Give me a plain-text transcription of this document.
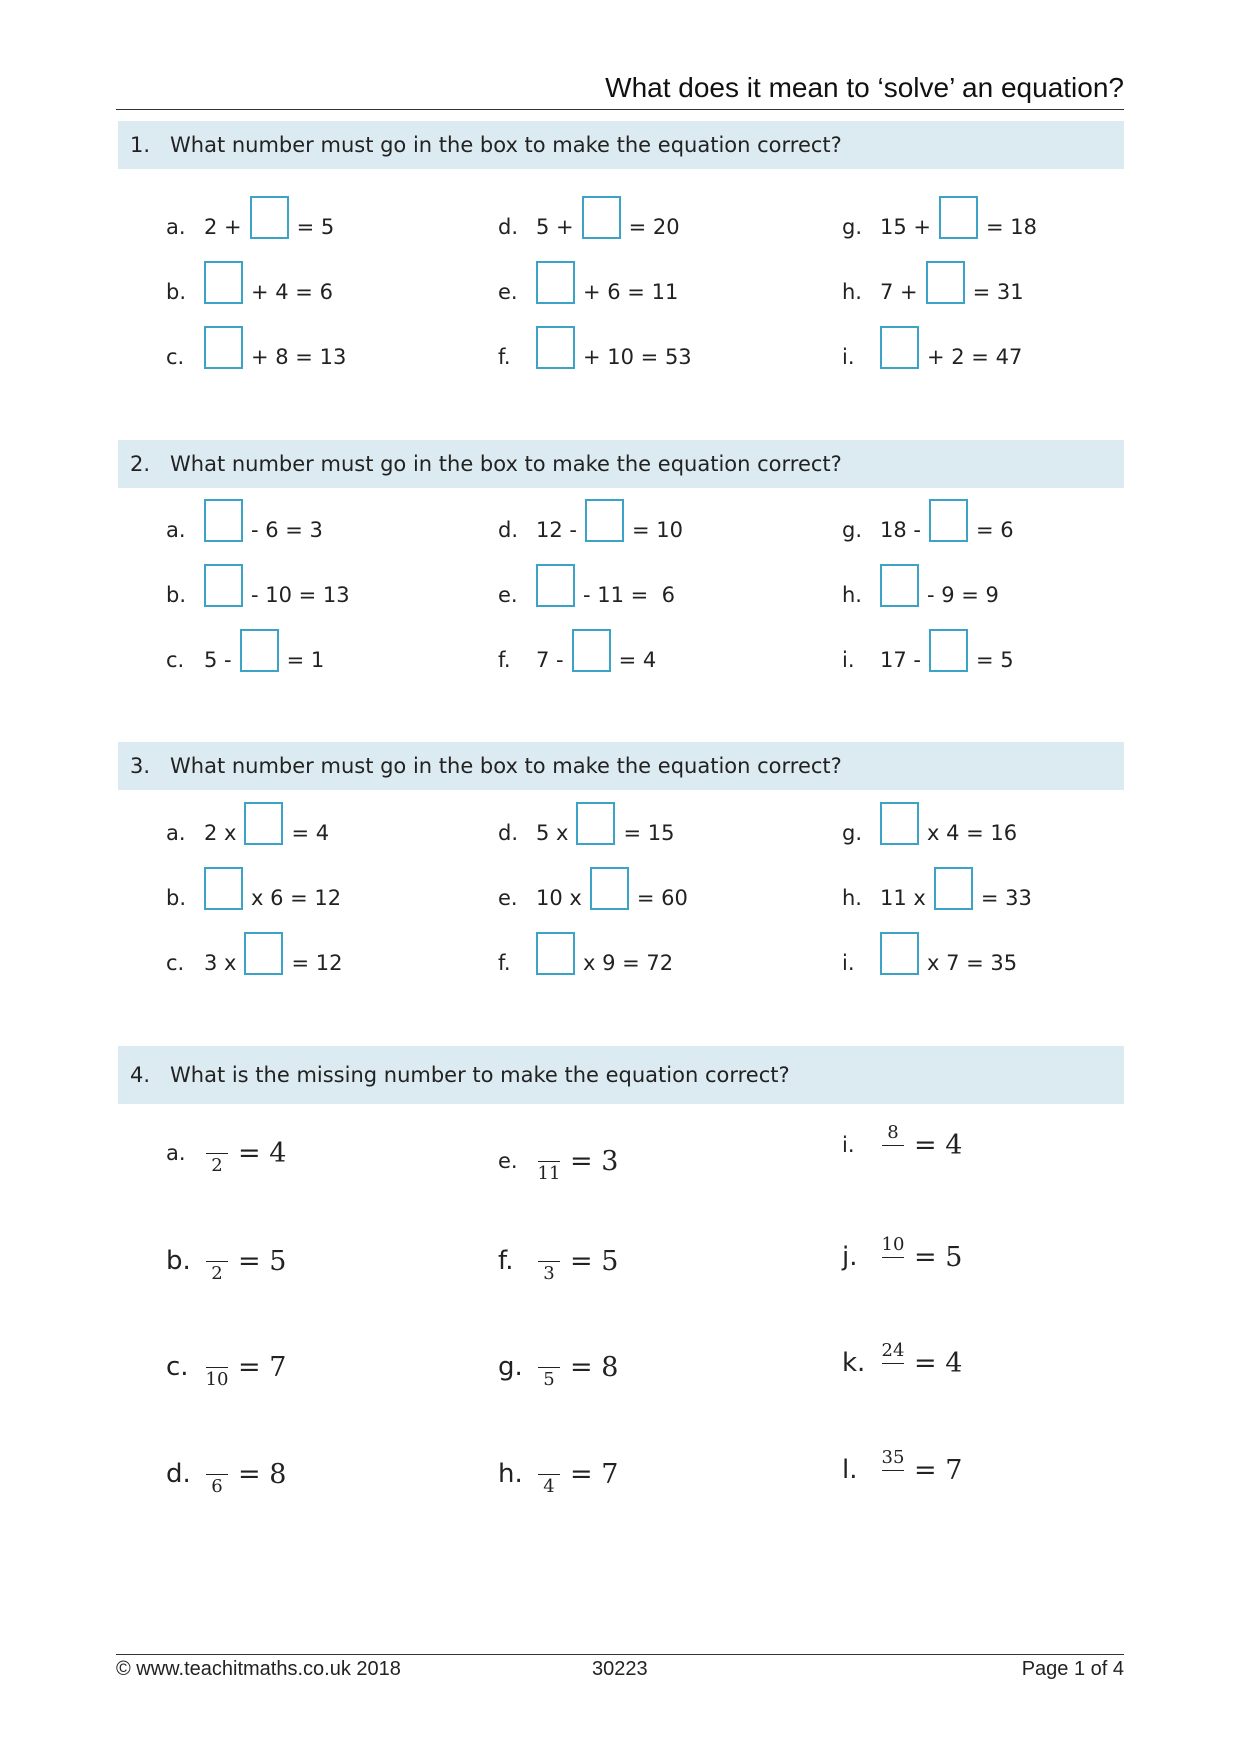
What does it mean to ‘solve’ an equation?
1. What number must go in the box to make the equation correct?
a. 2 +	= 5
b.	+ 4 = 6
c.	+ 8 = 13
d. 5 +	= 20
e.	+ 6 = 11
f.	+ 10 = 53
g. 15 +	= 18
h. 7 +	= 31
i.	+ 2 = 47
2. What number must go in the box to make the equation correct?
a.	- 6 = 3
b.	- 10 = 13
c. 5 -	= 1
d. 12 -	= 10
e.	- 11 =  6
f.	7 -	= 4
g. 18 -	= 6
h.	- 9 = 9
i.	17 -	= 5
3. What number must go in the box to make the equation correct?
a. 2 x	= 4
b.	x 6 = 12
c. 3 x	= 12
d. 5 x	= 15
e. 10 x	= 60
f.	x 9 = 72
g.	x 4 = 16
h. 11 x	= 33
i.	x 7 = 35
4. What is the missing number to make the equation correct?
a.	2 = 4
b.	2 = 5
c. 10 = 7
d.	6 = 8
e.	11 = 3
f.	3 = 5
g.	5 = 8
h.	4 = 7
i.
8 = 4
j.	10 = 5
k. 24 = 4
l.	35 = 7
© www.teachitmaths.co.uk 2018	30223	Page 1 of 4
